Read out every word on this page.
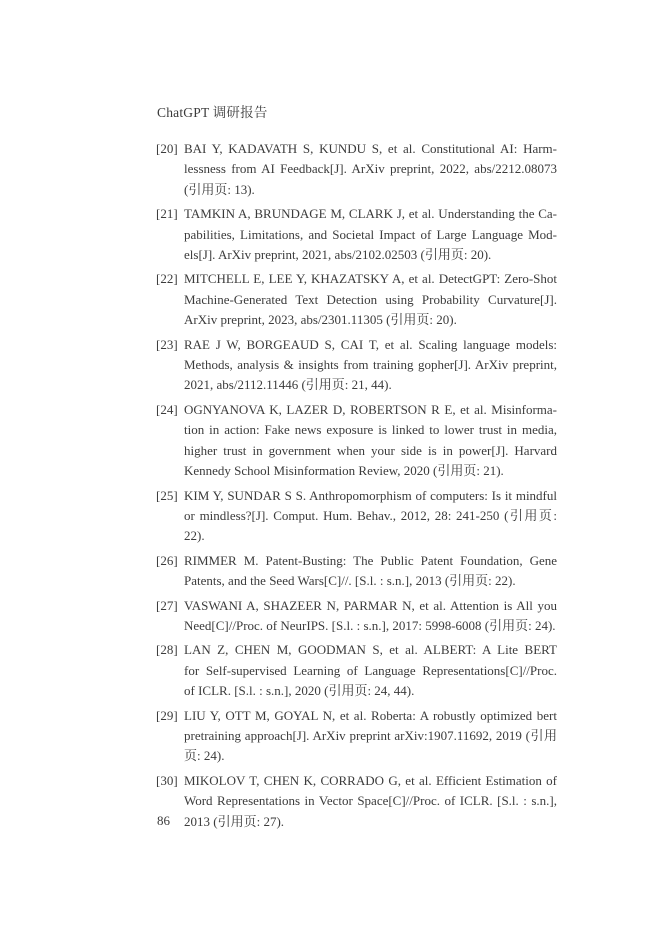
ChatGPT 调研报告
[20] BAI Y, KADAVATH S, KUNDU S, et al. Constitutional AI: Harm-
lessness from AI Feedback[J]. ArXiv preprint, 2022, abs/2212.08073
(引用页: 13).
[21] TAMKIN A, BRUNDAGE M, CLARK J, et al. Understanding the Ca-
pabilities, Limitations, and Societal Impact of Large Language Mod-
els[J]. ArXiv preprint, 2021, abs/2102.02503 (引用页: 20).
[22] MITCHELL E, LEE Y, KHAZATSKY A, et al. DetectGPT: Zero-Shot
Machine-Generated Text Detection using Probability Curvature[J].
ArXiv preprint, 2023, abs/2301.11305 (引用页: 20).
[23] RAE J W, BORGEAUD S, CAI T, et al. Scaling language models:
Methods, analysis & insights from training gopher[J]. ArXiv preprint,
2021, abs/2112.11446 (引用页: 21, 44).
[24] OGNYANOVA K, LAZER D, ROBERTSON R E, et al. Misinforma-
tion in action: Fake news exposure is linked to lower trust in media,
higher trust in government when your side is in power[J]. Harvard
Kennedy School Misinformation Review, 2020 (引用页: 21).
[25] KIM Y, SUNDAR S S. Anthropomorphism of computers: Is it mindful
or mindless?[J]. Comput. Hum. Behav., 2012, 28: 241-250 (引用页: 22).
[26] RIMMER M. Patent-Busting: The Public Patent Foundation, Gene
Patents, and the Seed Wars[C]//. [S.l. : s.n.], 2013 (引用页: 22).
[27] VASWANI A, SHAZEER N, PARMAR N, et al. Attention is All you
Need[C]//Proc. of NeurIPS. [S.l. : s.n.], 2017: 5998-6008 (引用页: 24).
[28] LAN Z, CHEN M, GOODMAN S, et al. ALBERT: A Lite BERT
for Self-supervised Learning of Language Representations[C]//Proc.
of ICLR. [S.l. : s.n.], 2020 (引用页: 24, 44).
[29] LIU Y, OTT M, GOYAL N, et al. Roberta: A robustly optimized bert
pretraining approach[J]. ArXiv preprint arXiv:1907.11692, 2019 (引用
页: 24).
[30] MIKOLOV T, CHEN K, CORRADO G, et al. Efficient Estimation of
Word Representations in Vector Space[C]//Proc. of ICLR. [S.l. : s.n.],
2013 (引用页: 27).
86
